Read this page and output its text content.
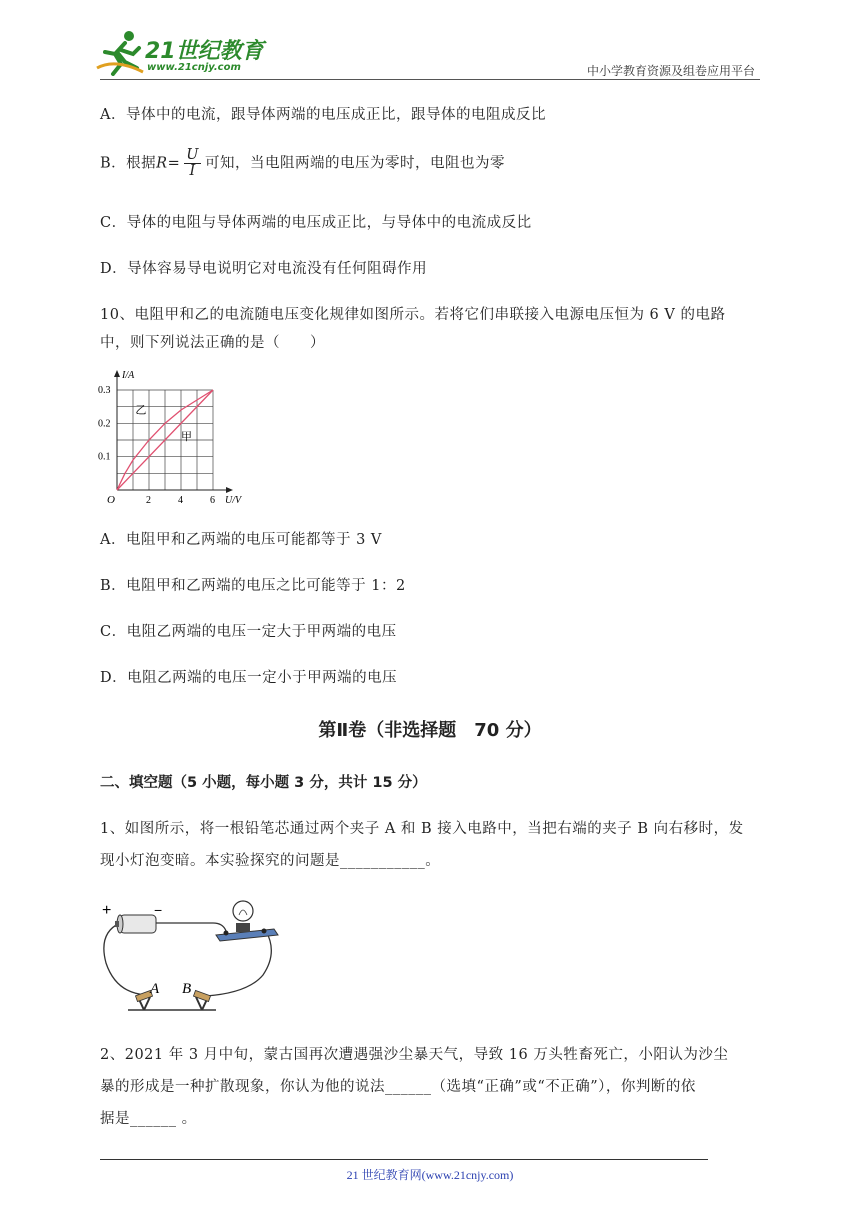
21世纪教育
www.21cnjy.com	中小学教育资源及组卷应用平台
A．导体中的电流，跟导体两端的电压成正比，跟导体的电阻成反比
B．根据$R= \frac{U}{I}$ 可知，当电阻两端的电压为零时，电阻也为零
C．导体的电阻与导体两端的电压成正比，与导体中的电流成反比
D．导体容易导电说明它对电流没有任何阻碍作用
10、电阻甲和乙的电流随电压变化规律如图所示。若将它们串联接入电源电压恒为 6 V 的电路
中，则下列说法正确的是（　　）
乙
甲
2	4	6
0.1
0.2
0.3
O	U/V
I/A
A．电阻甲和乙两端的电压可能都等于 3 V
B．电阻甲和乙两端的电压之比可能等于 1：2
C．电阻乙两端的电压一定大于甲两端的电压
D．电阻乙两端的电压一定小于甲两端的电压
第Ⅱ卷（非选择题　70 分）
二、填空题（5 小题，每小题 3 分，共计 15 分）
1、如图所示，将一根铅笔芯通过两个夹子 A 和 B 接入电路中，当把右端的夹子 B 向右移时，发
现小灯泡变暗。本实验探究的问题是___________。
+	−
A B
2、2021 年 3 月中旬，蒙古国再次遭遇强沙尘暴天气，导致 16 万头牲畜死亡，小阳认为沙尘
暴的形成是一种扩散现象，你认为他的说法______（选填“正确”或“不正确”），你判断的依
据是______ 。
21 世纪教育网(www.21cnjy.com)
